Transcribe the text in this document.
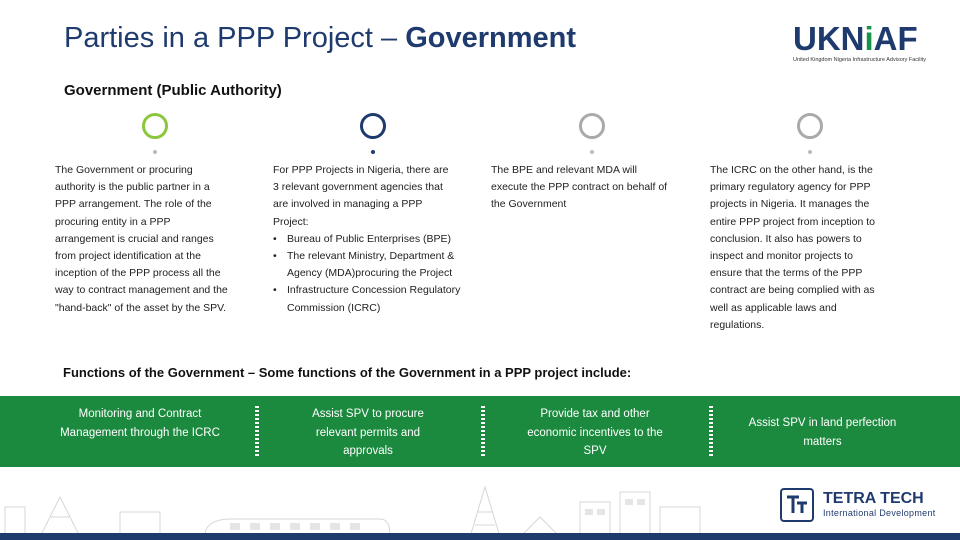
Parties in a PPP Project – Government	UKNiAF
United Kingdom Nigeria Infrastructure Advisory Facility
Government (Public Authority)
The Government or procuring
authority is the public partner in a
PPP arrangement. The role of the
procuring entity in a PPP
arrangement is crucial and ranges
from project identification at the
inception of the PPP process all the
way to contract management and the
"hand-back" of the asset by the SPV.
For PPP Projects in Nigeria, there are
3 relevant government agencies that
are involved in managing a PPP
Project:
• Bureau of Public Enterprises (BPE)
• The relevant Ministry, Department & Agency (MDA)procuring the Project
• Infrastructure Concession Regulatory Commission (ICRC)
The BPE and relevant MDA will
execute the PPP contract on behalf of
the Government
The ICRC on the other hand, is the
primary regulatory agency for PPP
projects in Nigeria. It manages the
entire PPP project from inception to
conclusion. It also has powers to
inspect and monitor projects to
ensure that the terms of the PPP
contract are being complied with as
well as applicable laws and
regulations.
Functions of the Government – Some functions of the Government in a PPP project include:
Monitoring and Contract Management through the ICRC
Assist SPV to procure relevant permits and approvals
Provide tax and other economic incentives to the SPV
Assist SPV in land perfection matters
TETRA TECH
International Development
